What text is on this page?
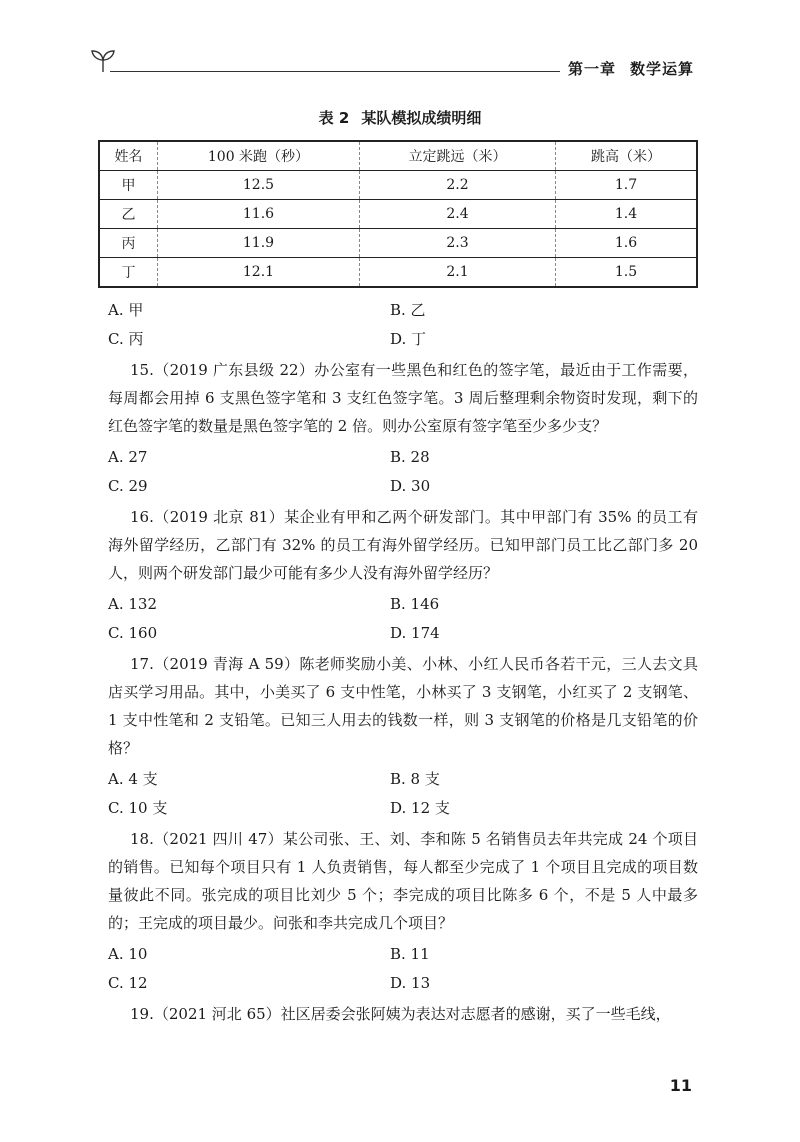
第一章 数学运算
表 2 某队模拟成绩明细
姓名	100 米跑（秒）	立定跳远（米）	跳高（米）
甲	12.5	2.2	1.7
乙	11.6	2.4	1.4
丙	11.9	2.3	1.6
丁	12.1	2.1	1.5
A. 甲	B. 乙
C. 丙	D. 丁
15.（2019 广东县级 22）办公室有一些黑色和红色的签字笔，最近由于工作需要，每周都会用掉 6 支黑色签字笔和 3 支红色签字笔。3 周后整理剩余物资时发现，剩下的红色签字笔的数量是黑色签字笔的 2 倍。则办公室原有签字笔至少多少支？
A. 27	B. 28
C. 29	D. 30
16.（2019 北京 81）某企业有甲和乙两个研发部门。其中甲部门有 35% 的员工有海外留学经历，乙部门有 32% 的员工有海外留学经历。已知甲部门员工比乙部门多 20 人，则两个研发部门最少可能有多少人没有海外留学经历？
A. 132	B. 146
C. 160	D. 174
17.（2019 青海 A 59）陈老师奖励小美、小林、小红人民币各若干元，三人去文具店买学习用品。其中，小美买了 6 支中性笔，小林买了 3 支钢笔，小红买了 2 支钢笔、1 支中性笔和 2 支铅笔。已知三人用去的钱数一样，则 3 支钢笔的价格是几支铅笔的价格？
A. 4 支	B. 8 支
C. 10 支	D. 12 支
18.（2021 四川 47）某公司张、王、刘、李和陈 5 名销售员去年共完成 24 个项目的销售。已知每个项目只有 1 人负责销售，每人都至少完成了 1 个项目且完成的项目数量彼此不同。张完成的项目比刘少 5 个；李完成的项目比陈多 6 个，不是 5 人中最多的；王完成的项目最少。问张和李共完成几个项目？
A. 10	B. 11
C. 12	D. 13
19.（2021 河北 65）社区居委会张阿姨为表达对志愿者的感谢，买了一些毛线，
11
